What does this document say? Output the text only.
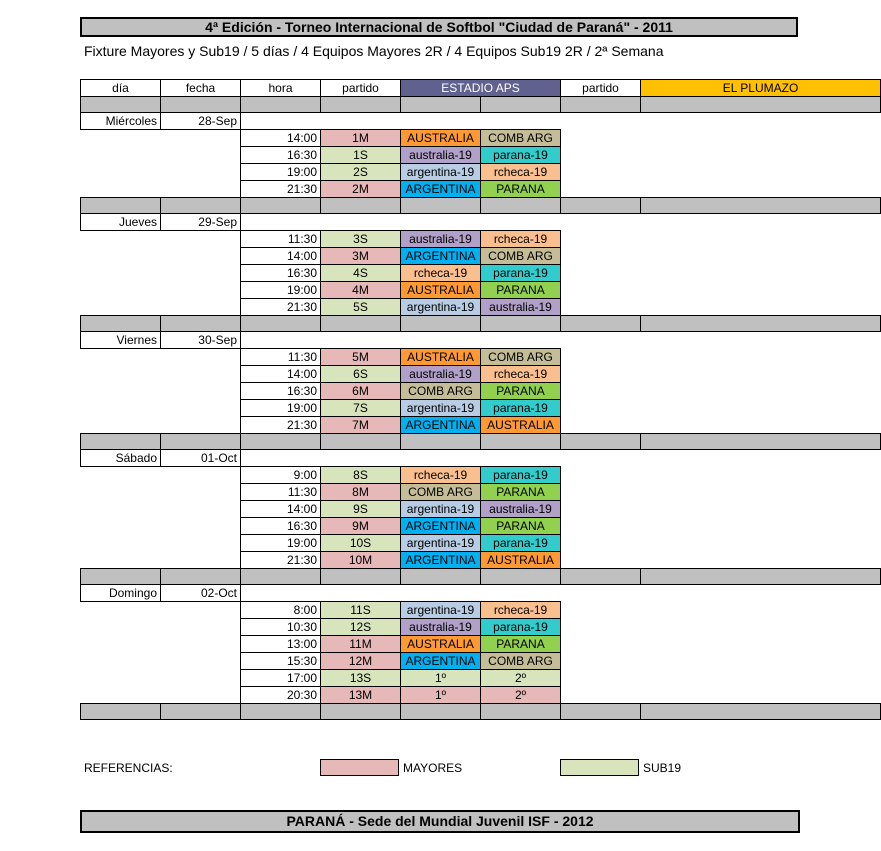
4ª Edición - Torneo Internacional de Softbol "Ciudad de Paraná" - 2011
Fixture Mayores y Sub19 / 5 días / 4 Equipos Mayores 2R / 4 Equipos Sub19 2R / 2ª Semana
día	fecha	hora	partido	ESTADIO APS		partido	EL PLUMAZO

Miércoles	28-Sep						
		14:00	1M	AUSTRALIA	COMB ARG		
		16:30	1S	australia-19	parana-19		
		19:00	2S	argentina-19	rcheca-19		
		21:30	2M	ARGENTINA	PARANA		

Jueves	29-Sep						
		11:30	3S	australia-19	rcheca-19		
		14:00	3M	ARGENTINA	COMB ARG		
		16:30	4S	rcheca-19	parana-19		
		19:00	4M	AUSTRALIA	PARANA		
		21:30	5S	argentina-19	australia-19		

Viernes	30-Sep						
		11:30	5M	AUSTRALIA	COMB ARG		
		14:00	6S	australia-19	rcheca-19		
		16:30	6M	COMB ARG	PARANA		
		19:00	7S	argentina-19	parana-19		
		21:30	7M	ARGENTINA	AUSTRALIA		

Sábado	01-Oct						
		9:00	8S	rcheca-19	parana-19		
		11:30	8M	COMB ARG	PARANA		
		14:00	9S	argentina-19	australia-19		
		16:30	9M	ARGENTINA	PARANA		
		19:00	10S	argentina-19	parana-19		
		21:30	10M	ARGENTINA	AUSTRALIA		

Domingo	02-Oct						
		8:00	11S	argentina-19	rcheca-19		
		10:30	12S	australia-19	parana-19		
		13:00	11M	AUSTRALIA	PARANA		
		15:30	12M	ARGENTINA	COMB ARG		
		17:00	13S	1º	2º		
		20:30	13M	1º	2º		

REFERENCIAS:	MAYORES	SUB19
PARANÁ - Sede del Mundial Juvenil ISF - 2012
